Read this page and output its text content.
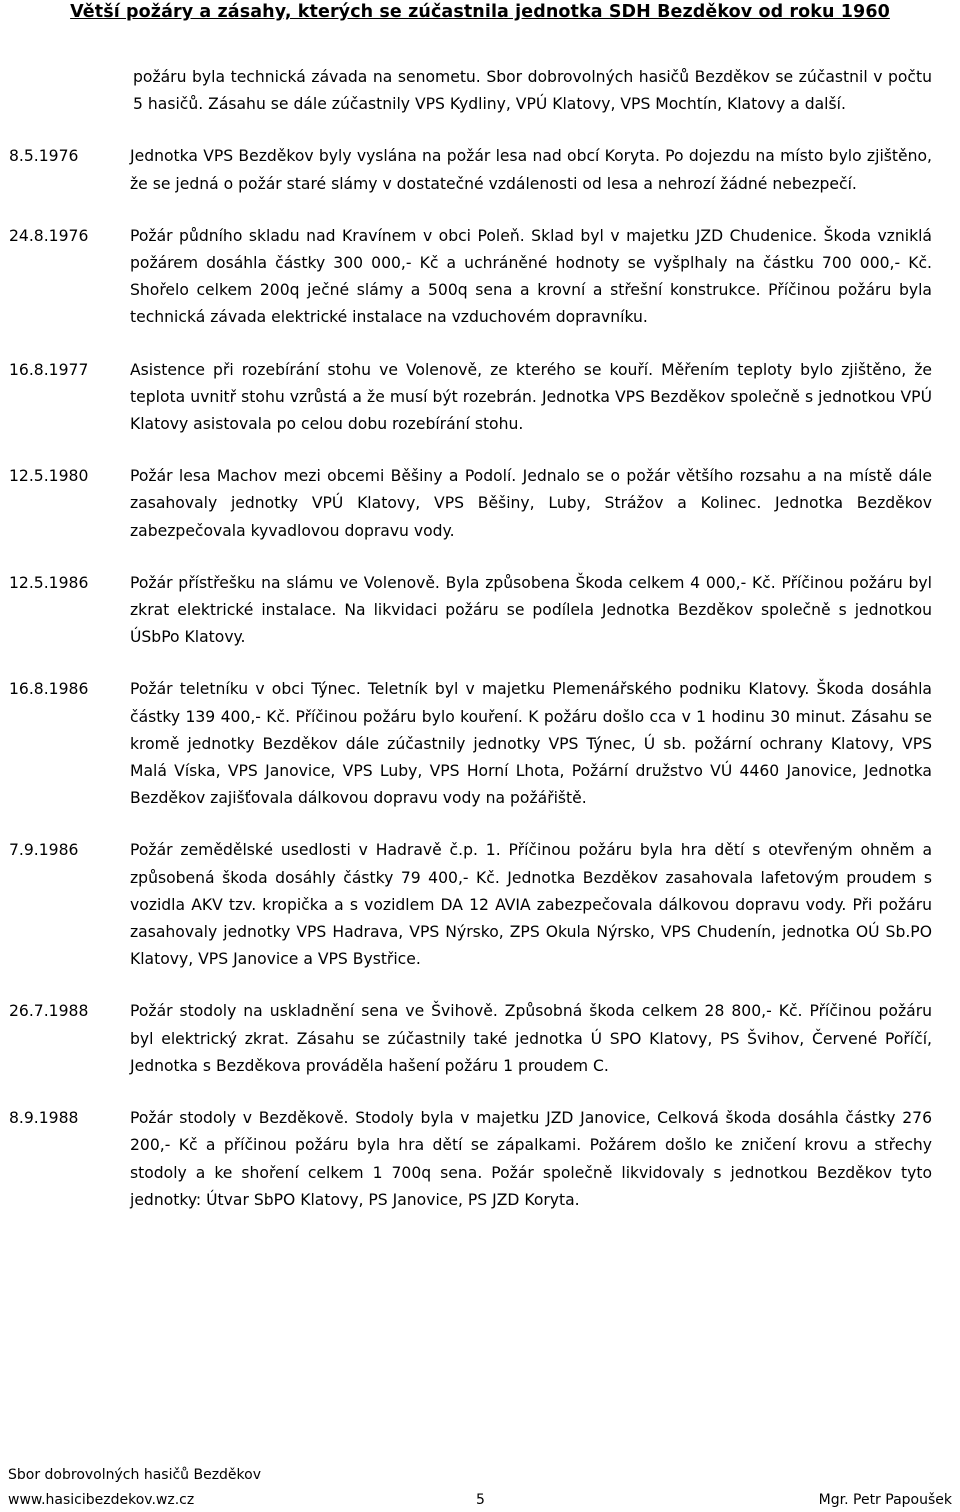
Větší požáry a zásahy, kterých se zúčastnila jednotka SDH Bezděkov od roku 1960
požáru byla technická závada na senometu. Sbor dobrovolných hasičů Bezděkov se zúčastnil v počtu 5 hasičů. Zásahu se dále zúčastnily VPS Kydliny, VPÚ Klatovy, VPS Mochtín, Klatovy a další.
8.5.1976	Jednotka VPS Bezděkov byly vyslána na požár lesa nad obcí Koryta. Po dojezdu na místo bylo zjištěno, že se jedná o požár staré slámy v dostatečné vzdálenosti od lesa a nehrozí žádné nebezpečí.
24.8.1976	Požár půdního skladu nad Kravínem v obci Poleň. Sklad byl v majetku JZD Chudenice. Škoda vzniklá požárem dosáhla částky 300 000,- Kč a uchráněné hodnoty se vyšplhaly na částku 700 000,- Kč. Shořelo celkem 200q ječné slámy a 500q sena a krovní a střešní konstrukce. Příčinou požáru byla technická závada elektrické instalace na vzduchovém dopravníku.
16.8.1977	Asistence při rozebírání stohu ve Volenově, ze kterého se kouří. Měřením teploty bylo zjištěno, že teplota uvnitř stohu vzrůstá a že musí být rozebrán. Jednotka VPS Bezděkov společně s jednotkou VPÚ Klatovy asistovala po celou dobu rozebírání stohu.
12.5.1980	Požár lesa Machov mezi obcemi Běšiny a Podolí. Jednalo se o požár většího rozsahu a na místě dále zasahovaly jednotky VPÚ Klatovy, VPS Běšiny, Luby, Strážov a Kolinec. Jednotka Bezděkov zabezpečovala kyvadlovou dopravu vody.
12.5.1986	Požár přístřešku na slámu ve Volenově. Byla způsobena Škoda celkem 4 000,- Kč. Příčinou požáru byl zkrat elektrické instalace. Na likvidaci požáru se podílela Jednotka Bezděkov společně s jednotkou ÚSbPo Klatovy.
16.8.1986	Požár teletníku v obci Týnec. Teletník byl v majetku Plemenářského podniku Klatovy. Škoda dosáhla částky 139 400,- Kč. Příčinou požáru bylo kouření. K požáru došlo cca v 1 hodinu 30 minut. Zásahu se kromě jednotky Bezděkov dále zúčastnily jednotky VPS Týnec, Ú sb. požární ochrany Klatovy, VPS Malá Víska, VPS Janovice, VPS Luby, VPS Horní Lhota, Požární družstvo VÚ 4460 Janovice, Jednotka Bezděkov zajišťovala dálkovou dopravu vody na požářiště.
7.9.1986	Požár zemědělské usedlosti v Hadravě č.p. 1. Příčinou požáru byla hra dětí s otevřeným ohněm a způsobená škoda dosáhly částky 79 400,- Kč. Jednotka Bezděkov zasahovala lafetovým proudem s vozidla AKV tzv. kropička a s vozidlem DA 12 AVIA zabezpečovala dálkovou dopravu vody. Při požáru zasahovaly jednotky VPS Hadrava, VPS Nýrsko, ZPS Okula Nýrsko, VPS Chudenín, jednotka OÚ Sb.PO Klatovy, VPS Janovice a VPS Bystřice.
26.7.1988	Požár stodoly na uskladnění sena ve Švihově. Způsobná škoda celkem 28 800,- Kč. Příčinou požáru byl elektrický zkrat. Zásahu se zúčastnily také jednotka Ú SPO Klatovy, PS Švihov, Červené Poříčí, Jednotka s Bezděkova prováděla hašení požáru 1 proudem C.
8.9.1988	Požár stodoly v Bezděkově. Stodoly byla v majetku JZD Janovice, Celková škoda dosáhla částky 276 200,- Kč a příčinou požáru byla hra dětí se zápalkami. Požárem došlo ke zničení krovu a střechy stodoly a ke shoření celkem 1 700q sena. Požár společně likvidovaly s jednotkou Bezděkov tyto jednotky: Útvar SbPO Klatovy, PS Janovice, PS JZD Koryta.
Sbor dobrovolných hasičů Bezděkov
www.hasicibezdekov.wz.cz	5	Mgr. Petr Papoušek
